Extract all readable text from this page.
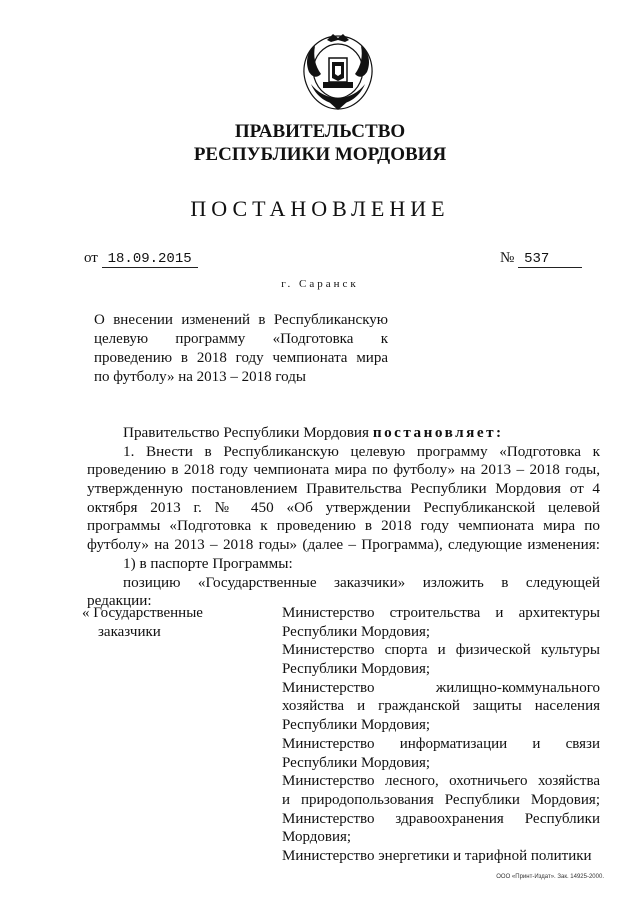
ПРАВИТЕЛЬСТВО
РЕСПУБЛИКИ МОРДОВИЯ
ПОСТАНОВЛЕНИЕ
от 18.09.2015	№ 537
г. Саранск
О внесении изменений в Республиканскую
целевую программу «Подготовка к
проведению в 2018 году чемпионата мира
по футболу» на 2013 – 2018 годы
Правительство Республики Мордовия постановляет:
1. Внести в Республиканскую целевую программу «Подготовка к
проведению в 2018 году чемпионата мира по футболу» на 2013 – 2018 годы,
утвержденную постановлением Правительства Республики Мордовия от 4
октября 2013 г. № 450 «Об утверждении Республиканской целевой
программы «Подготовка к проведению в 2018 году чемпионата мира по
футболу» на 2013 – 2018 годы» (далее – Программа), следующие изменения:
1) в паспорте Программы:
позицию «Государственные заказчики» изложить в следующей
редакции:
« Государственные
заказчики
Министерство строительства и архитектуры
Республики Мордовия;
Министерство спорта и физической культуры
Республики Мордовия;
Министерство жилищно-коммунального
хозяйства и гражданской защиты населения
Республики Мордовия;
Министерство информатизации и связи
Республики Мордовия;
Министерство лесного, охотничьего хозяйства
и природопользования Республики Мордовия;
Министерство здравоохранения Республики
Мордовия;
Министерство энергетики и тарифной политики
ООО «Принт-Издат». Зак. 14925-2000.
